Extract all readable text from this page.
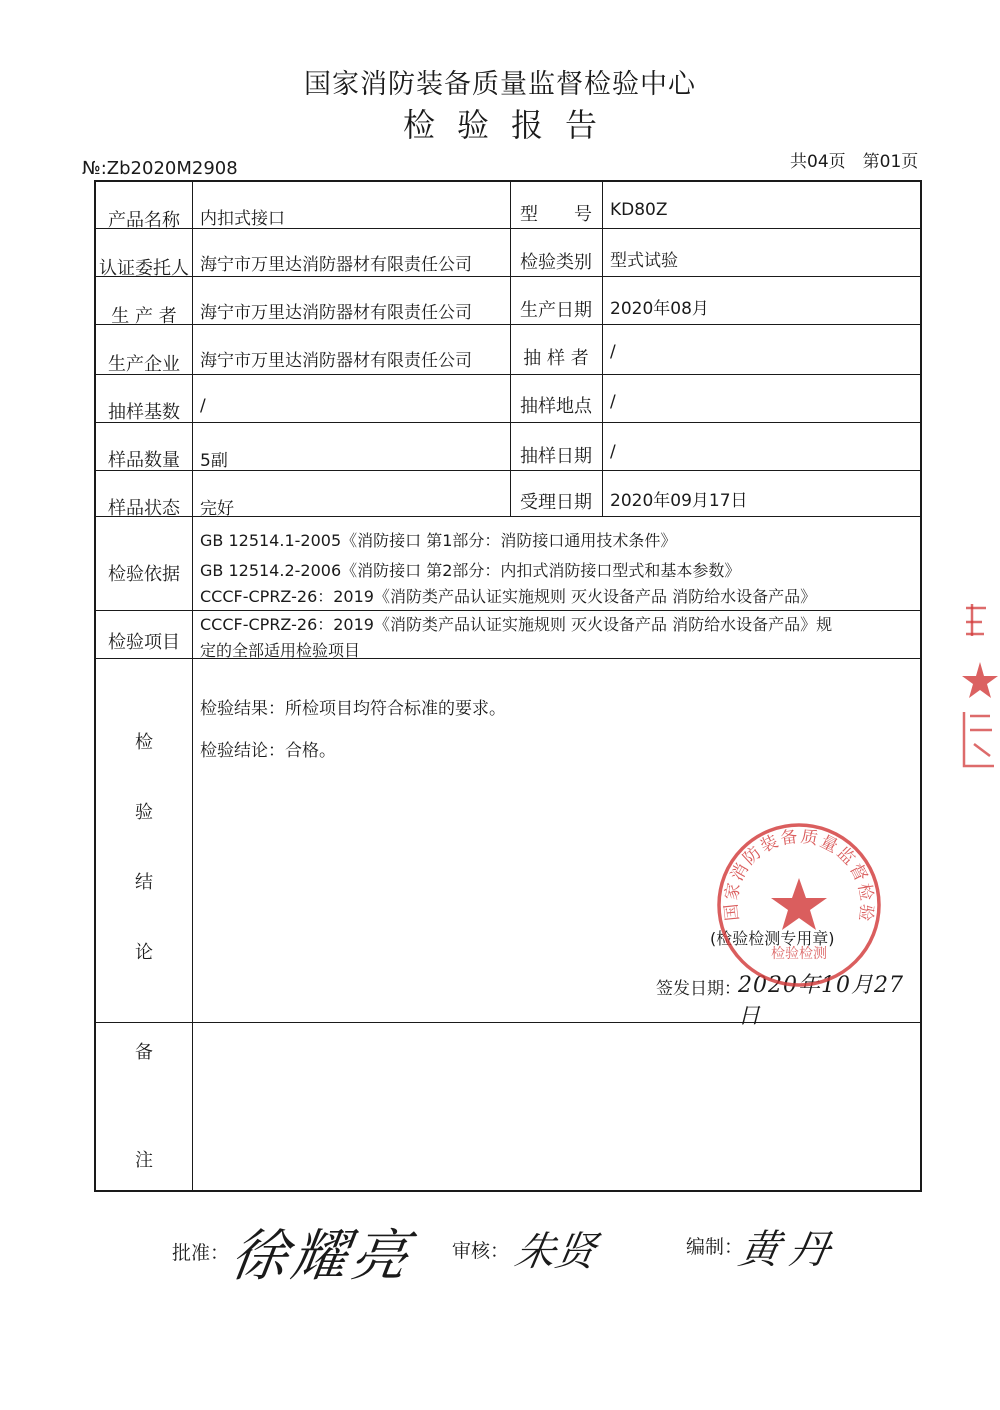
国家消防装备质量监督检验中心
检验报告
№:Zb2020M2908	共04页　第01页
产品名称	内扣式接口	型　　号	KD80Z
认证委托人 海宁市万里达消防器材有限责任公司	检验类别	型式试验
生 产 者	海宁市万里达消防器材有限责任公司	生产日期	2020年08月
生产企业	海宁市万里达消防器材有限责任公司	抽 样 者	/
抽样基数	/	抽样地点	/
样品数量	5副	抽样日期	/
样品状态	完好	受理日期	2020年09月17日
检验依据
GB 12514.1-2005《消防接口 第1部分：消防接口通用技术条件》
GB 12514.2-2006《消防接口 第2部分：内扣式消防接口型式和基本参数》
CCCF-CPRZ-26：2019《消防类产品认证实施规则 灭火设备产品 消防给水设备产品》
检验项目
CCCF-CPRZ-26：2019《消防类产品认证实施规则 灭火设备产品 消防给水设备产品》规
定的全部适用检验项目
检
验
结
论
检验结果：所检项目均符合标准的要求。
检验结论：合格。
(检验检测专用章)
签发日期：
2020年10月27日
备
注
国家消防装备质量监督检验
检验检测
批准：
徐耀亮 审核： 朱贤	编制：
黄丹
